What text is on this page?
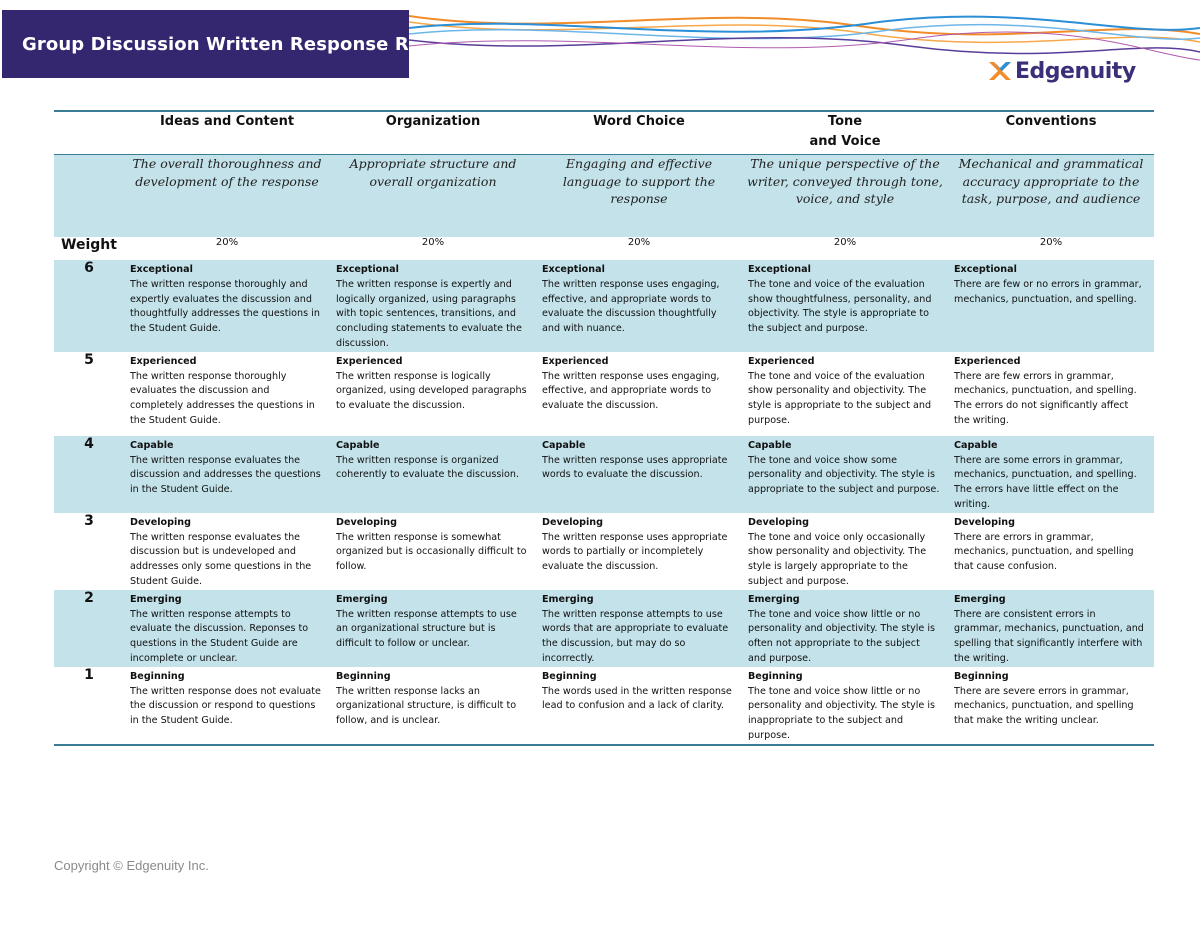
Group Discussion Written Response Rubric
Edgenuity
	Ideas and Content	Organization	Word Choice	Tone
and Voice	Conventions
	The overall thoroughness and development of the response	Appropriate structure and overall organization	Engaging and effective language to support the response	The unique perspective of the writer, conveyed through tone, voice, and style	Mechanical and grammatical accuracy appropriate to the task, purpose, and audience
Weight	20%	20%	20%	20%	20%
6	Exceptional
The written response thoroughly and expertly evaluates the discussion and thoughtfully addresses the questions in the Student Guide.	Exceptional
The written response is expertly and logically organized, using paragraphs with topic sentences, transitions, and concluding statements to evaluate the discussion.	Exceptional
The written response uses engaging, effective, and appropriate words to evaluate the discussion thoughtfully and with nuance.	Exceptional
The tone and voice of the evaluation show thoughtfulness, personality, and objectivity. The style is appropriate to the subject and purpose.	Exceptional
There are few or no errors in grammar, mechanics, punctuation, and spelling.

5	Experienced
The written response thoroughly evaluates the discussion and completely addresses the questions in the Student Guide.	Experienced
The written response is logically organized, using developed paragraphs to evaluate the discussion.	Experienced
The written response uses engaging, effective, and appropriate words to evaluate the discussion.	Experienced
The tone and voice of the evaluation show personality and objectivity. The style is appropriate to the subject and purpose.	Experienced
There are few errors in grammar, mechanics, punctuation, and spelling. The errors do not significantly affect the writing.

4	Capable
The written response evaluates the discussion and addresses the questions in the Student Guide.	Capable
The written response is organized coherently to evaluate the discussion.	Capable
The written response uses appropriate words to evaluate the discussion.	Capable
The tone and voice show some personality and objectivity. The style is appropriate to the subject and purpose.	Capable
There are some errors in grammar, mechanics, punctuation, and spelling. The errors have little effect on the writing.

3	Developing
The written response evaluates the discussion but is undeveloped and addresses only some questions in the Student Guide.	Developing
The written response is somewhat organized but is occasionally difficult to follow.	Developing
The written response uses appropriate words to partially or incompletely evaluate the discussion.	Developing
The tone and voice only occasionally show personality and objectivity. The style is largely appropriate to the subject and purpose.	Developing
There are errors in grammar, mechanics, punctuation, and spelling that cause confusion.

2	Emerging
The written response attempts to evaluate the discussion. Reponses to questions in the Student Guide are incomplete or unclear.	Emerging
The written response attempts to use an organizational structure but is difficult to follow or unclear.	Emerging
The written response attempts to use words that are appropriate to evaluate the discussion, but may do so incorrectly.	Emerging
The tone and voice show little or no personality and objectivity. The style is often not appropriate to the subject and purpose.	Emerging
There are consistent errors in grammar, mechanics, punctuation, and spelling that significantly interfere with the writing.

1	Beginning
The written response does not evaluate the discussion or respond to questions in the Student Guide.	Beginning
The written response lacks an organizational structure, is difficult to follow, and is unclear.	Beginning
The words used in the written response lead to confusion and a lack of clarity.	Beginning
The tone and voice show little or no personality and objectivity. The style is inappropriate to the subject and purpose.	Beginning
There are severe errors in grammar, mechanics, punctuation, and spelling that make the writing unclear.
Copyright © Edgenuity Inc.
